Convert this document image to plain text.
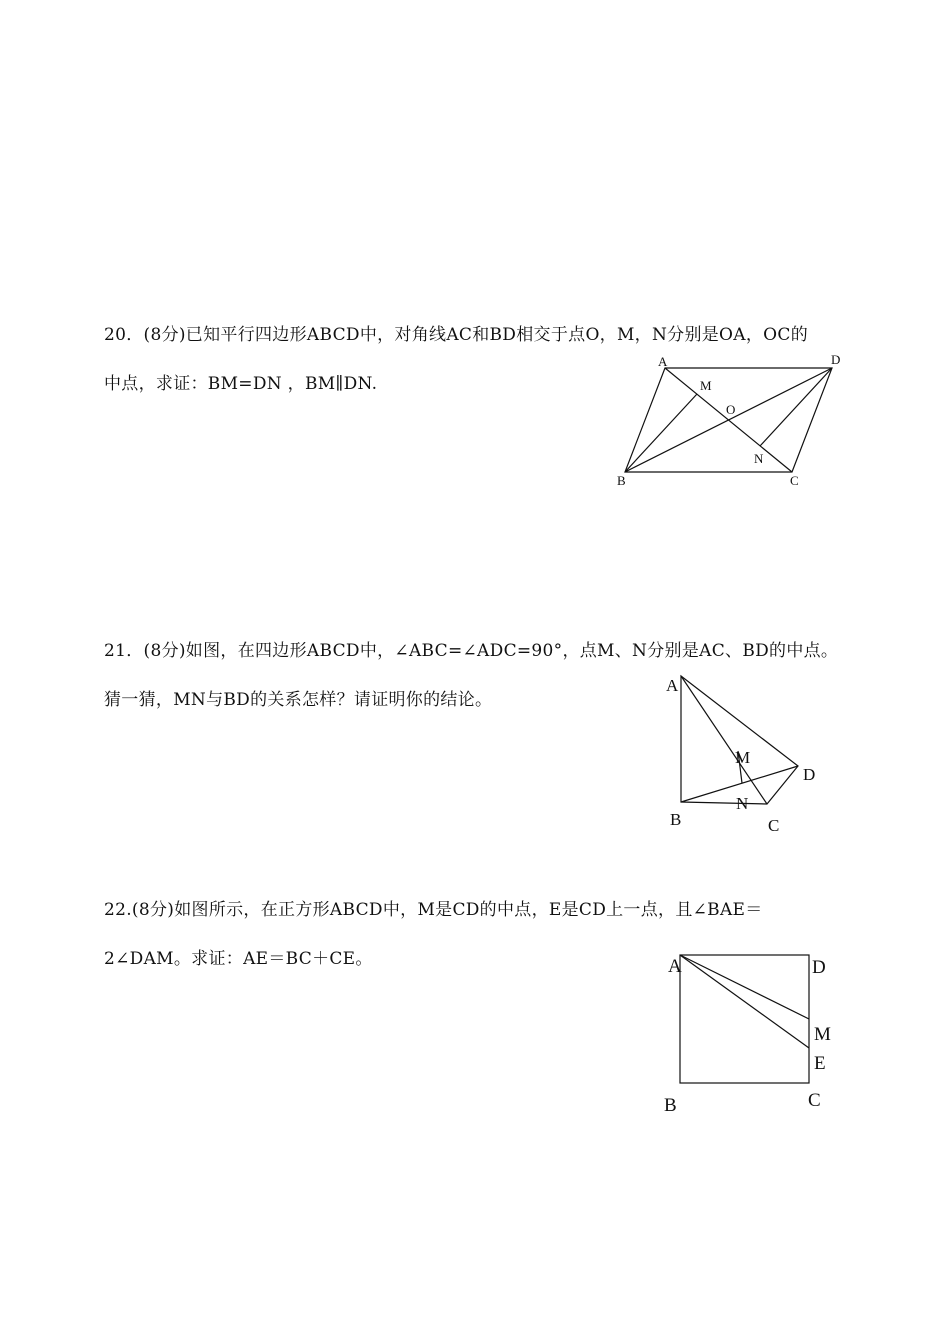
20．(8分)已知平行四边形ABCD中，对角线AC和BD相交于点O，M，N分别是OA，OC的
中点，求证：BM=DN ，BM∥DN.
A	D
M
O
N
B	C
21．(8分)如图，在四边形ABCD中，∠ABC=∠ADC=90°，点M、N分别是AC、BD的中点。
猜一猜，MN与BD的关系怎样？请证明你的结论。
A
M
D
N
B	C
22.(8分)如图所示，在正方形ABCD中，M是CD的中点，E是CD上一点，且∠BAE＝
2∠DAM。求证：AE＝BC＋CE。	A	D
M
E
B	C
